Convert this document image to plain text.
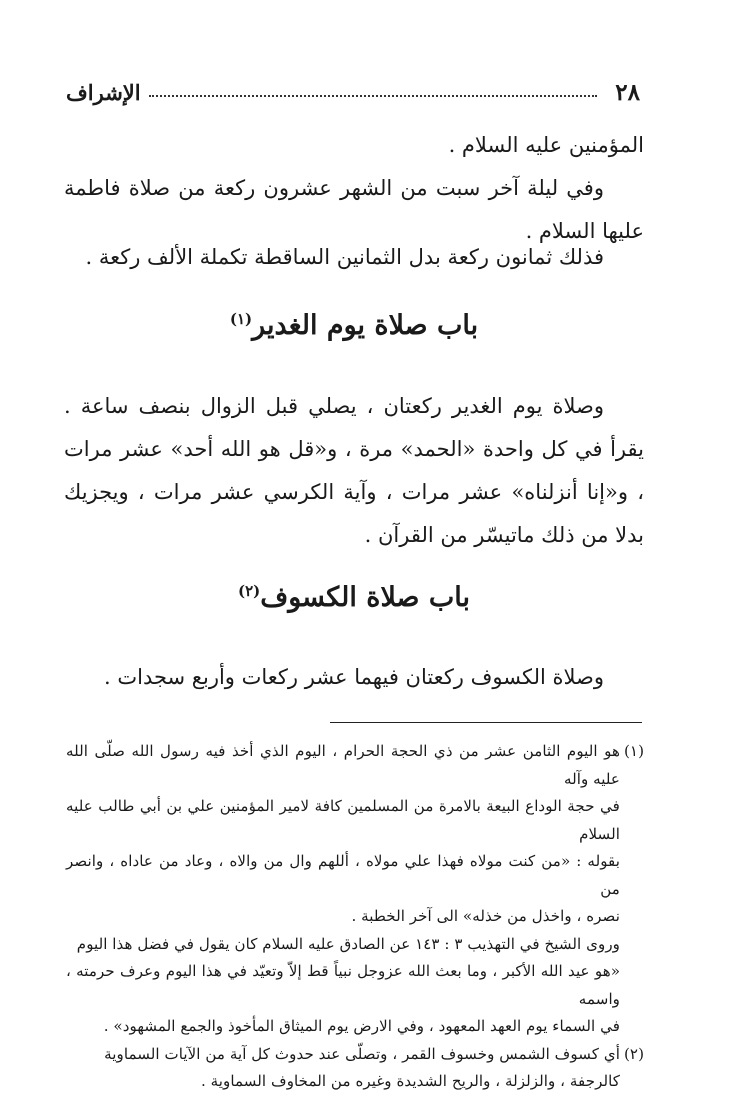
٢٨
الإشراف

المؤمنين عليه السلام .

وفي ليلة آخر سبت من الشهر عشرون ركعة من صلاة فاطمة عليها السلام .

فذلك ثمانون ركعة بدل الثمانين الساقطة تكملة الألف ركعة .

باب صلاة يوم الغدير$^{(١)}$

وصلاة يوم الغدير ركعتان ، يصلي قبل الزوال بنصف ساعة . يقرأ في كل واحدة «الحمد» مرة ، و«قل هو الله أحد» عشر مرات ، و«إنا أنزلناه» عشر مرات ، وآية الكرسي عشر مرات ، ويجزيك بدلا من ذلك ماتيسّر من القرآن .

باب صلاة الكسوف$^{(٢)}$

وصلاة الكسوف ركعتان فيهما عشر ركعات وأربع سجدات .

(١)
هو اليوم الثامن عشر من ذي الحجة الحرام ، اليوم الذي أخذ فيه رسول الله صلّى الله عليه وآله
في حجة الوداع البيعة بالامرة من المسلمين كافة لامير المؤمنين علي بن أبي طالب عليه السلام
بقوله : «من كنت مولاه فهذا علي مولاه ، أللهم وال من والاه ، وعاد من عاداه ، وانصر من
نصره ، واخذل من خذله» الى آخر الخطبة .
وروى الشيخ في التهذيب ٣ : ١٤٣ عن الصادق عليه السلام كان يقول في فضل هذا اليوم
«هو عيد الله الأكبر ، وما بعث الله عزوجل نبياً قط إلاّ وتعيّد في هذا اليوم وعرف حرمته ، واسمه
في السماء يوم العهد المعهود ، وفي الارض يوم الميثاق المأخوذ والجمع المشهود» .
(٢)
أي كسوف الشمس وخسوف القمر ، وتصلّى عند حدوث كل آية من الآيات السماوية
كالرجفة ، والزلزلة ، والريح الشديدة وغيره من المخاوف السماوية .
